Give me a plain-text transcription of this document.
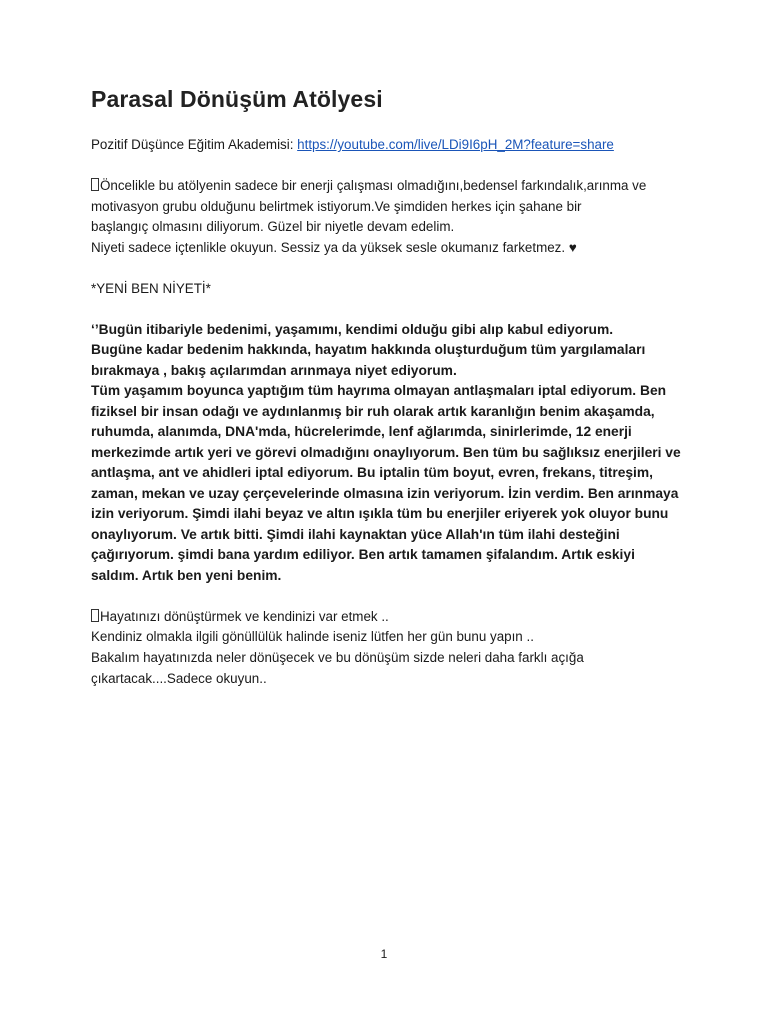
Parasal Dönüşüm Atölyesi

Pozitif Düşünce Eğitim Akademisi: https://youtube.com/live/LDi9I6pH_2M?feature=share

Öncelikle bu atölyenin sadece bir enerji çalışması olmadığını,bedensel farkındalık,arınma ve

motivasyon grubu olduğunu belirtmek istiyorum.Ve şimdiden herkes için şahane bir

başlangıç olmasını diliyorum. Güzel bir niyetle devam edelim.

Niyeti sadece içtenlikle okuyun. Sessiz ya da yüksek sesle okumanız farketmez. ♥

*YENİ BEN NİYETİ*

‘’Bugün itibariyle bedenimi, yaşamımı, kendimi olduğu gibi alıp kabul ediyorum.

Bugüne kadar bedenim hakkında, hayatım hakkında oluşturduğum tüm yargılamaları

bırakmaya , bakış açılarımdan arınmaya niyet ediyorum.

Tüm yaşamım boyunca yaptığım tüm hayrıma olmayan antlaşmaları iptal ediyorum. Ben

fiziksel bir insan odağı ve aydınlanmış bir ruh olarak artık karanlığın benim akaşamda,

ruhumda, alanımda, DNA'mda, hücrelerimde, lenf ağlarımda, sinirlerimde, 12 enerji

merkezimde artık yeri ve görevi olmadığını onaylıyorum. Ben tüm bu sağlıksız enerjileri ve

antlaşma, ant ve ahidleri iptal ediyorum. Bu iptalin tüm boyut, evren, frekans, titreşim,

zaman, mekan ve uzay çerçevelerinde olmasına izin veriyorum. İzin verdim. Ben arınmaya

izin veriyorum. Şimdi ilahi beyaz ve altın ışıkla tüm bu enerjiler eriyerek yok oluyor bunu

onaylıyorum. Ve artık bitti. Şimdi ilahi kaynaktan yüce Allah'ın tüm ilahi desteğini

çağırıyorum. şimdi bana yardım ediliyor. Ben artık tamamen şifalandım. Artık eskiyi

saldım. Artık ben yeni benim.

Hayatınızı dönüştürmek ve kendinizi var etmek ..

Kendiniz olmakla ilgili gönüllülük halinde iseniz lütfen her gün bunu yapın ..

Bakalım hayatınızda neler dönüşecek ve bu dönüşüm sizde neleri daha farklı açığa

çıkartacak....Sadece okuyun..

1
